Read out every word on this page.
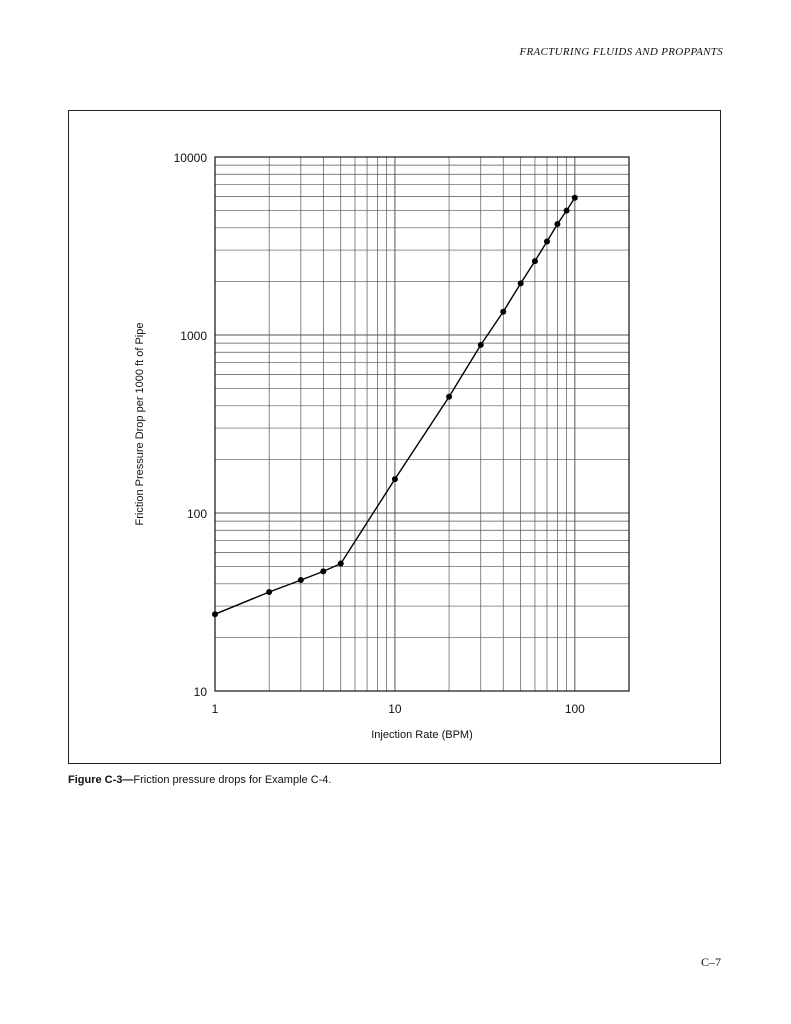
FRACTURING FLUIDS AND PROPPANTS
1	10	100
10
100
1000
10000
Injection Rate (BPM)
Friction Pressure Drop per 1000 ft of Pipe
Figure C-3—Friction pressure drops for Example C-4.
C–7
